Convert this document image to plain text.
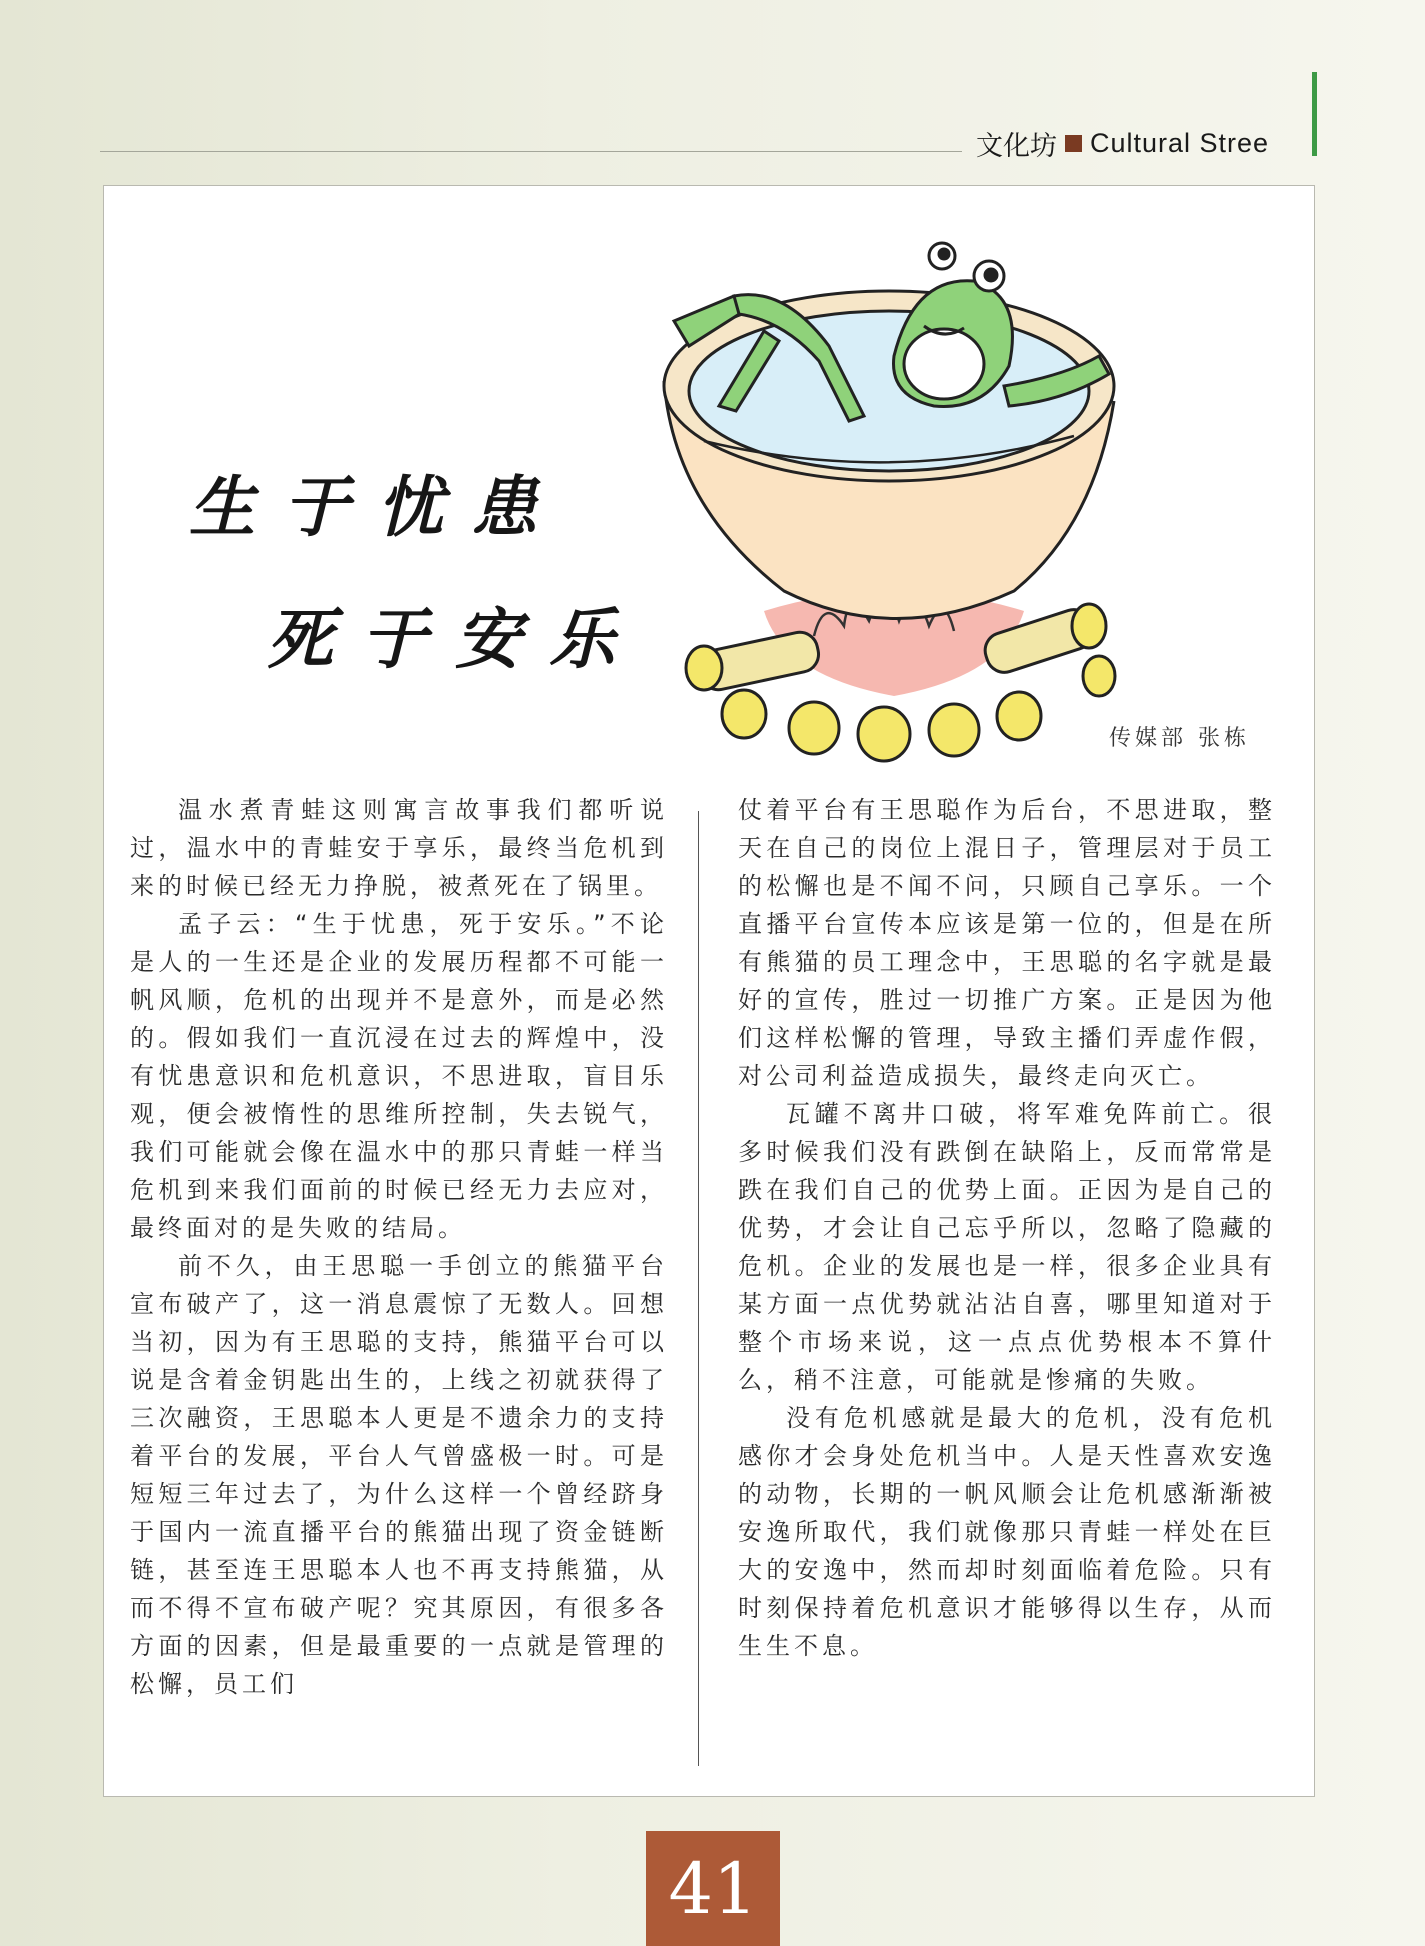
文化坊 Cultural Stree
生于忧患
死于安乐
传媒部 张栋

温水煮青蛙这则寓言故事我们都听说过，温水中的青蛙安于享乐，最终当危机到来的时候已经无力挣脱，被煮死在了锅里。

孟子云：“生于忧患，死于安乐。”不论是人的一生还是企业的发展历程都不可能一帆风顺，危机的出现并不是意外，而是必然的。假如我们一直沉浸在过去的辉煌中，没有忧患意识和危机意识，不思进取，盲目乐观，便会被惰性的思维所控制，失去锐气，我们可能就会像在温水中的那只青蛙一样当危机到来我们面前的时候已经无力去应对，最终面对的是失败的结局。

前不久，由王思聪一手创立的熊猫平台宣布破产了，这一消息震惊了无数人。回想当初，因为有王思聪的支持，熊猫平台可以说是含着金钥匙出生的，上线之初就获得了三次融资，王思聪本人更是不遗余力的支持着平台的发展，平台人气曾盛极一时。可是短短三年过去了，为什么这样一个曾经跻身于国内一流直播平台的熊猫出现了资金链断链，甚至连王思聪本人也不再支持熊猫，从而不得不宣布破产呢？究其原因，有很多各方面的因素，但是最重要的一点就是管理的松懈，员工们

仗着平台有王思聪作为后台，不思进取，整天在自己的岗位上混日子，管理层对于员工的松懈也是不闻不问，只顾自己享乐。一个直播平台宣传本应该是第一位的，但是在所有熊猫的员工理念中，王思聪的名字就是最好的宣传，胜过一切推广方案。正是因为他们这样松懈的管理，导致主播们弄虚作假，对公司利益造成损失，最终走向灭亡。

瓦罐不离井口破，将军难免阵前亡。很多时候我们没有跌倒在缺陷上，反而常常是跌在我们自己的优势上面。正因为是自己的优势，才会让自己忘乎所以，忽略了隐藏的危机。企业的发展也是一样，很多企业具有某方面一点优势就沾沾自喜，哪里知道对于整个市场来说，这一点点优势根本不算什么，稍不注意，可能就是惨痛的失败。

没有危机感就是最大的危机，没有危机感你才会身处危机当中。人是天性喜欢安逸的动物，长期的一帆风顺会让危机感渐渐被安逸所取代，我们就像那只青蛙一样处在巨大的安逸中，然而却时刻面临着危险。只有时刻保持着危机意识才能够得以生存，从而生生不息。

41
